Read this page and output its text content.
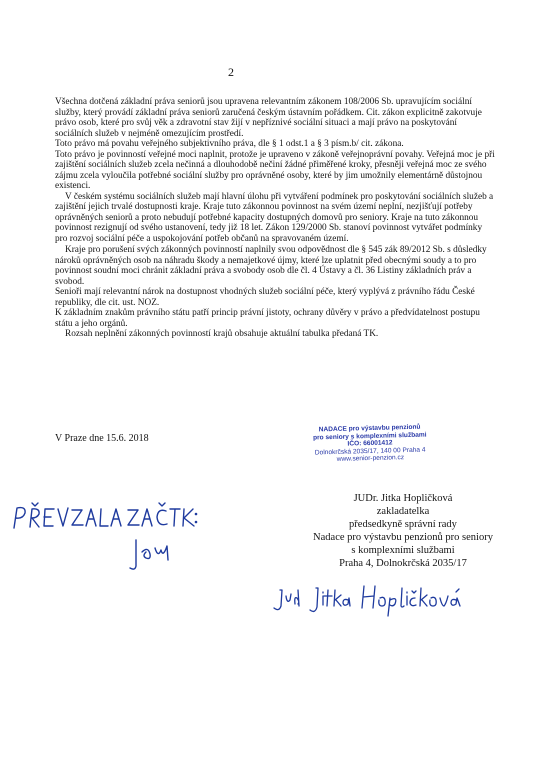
2

Všechna dotčená základní práva seniorů jsou upravena relevantním zákonem 108/2006 Sb. upravujícím sociální služby, který provádí základní práva seniorů zaručená českým ústavním pořádkem. Cit. zákon explicitně zakotvuje právo osob, které pro svůj věk a zdravotní stav žijí v nepříznivé sociální situaci a mají právo na poskytování sociálních služeb v nejméně omezujícím prostředí.

Toto právo má povahu veřejného subjektivního práva, dle § 1 odst.1 a § 3 písm.b/ cit. zákona.

Toto právo je povinností veřejné moci naplnit, protože je upraveno v zákoně veřejnoprávní povahy. Veřejná moc je při zajištění sociálních služeb zcela nečinná a dlouhodobě nečiní žádné přiměřené kroky, přesněji veřejná moc ze svého zájmu zcela vyloučila potřebné sociální služby pro oprávněné osoby, které by jim umožnily elementárně důstojnou existenci.

V českém systému sociálních služeb mají hlavní úlohu při vytváření podmínek pro poskytování sociálních služeb a zajištění jejich trvalé dostupnosti kraje. Kraje tuto zákonnou povinnost na svém území neplní, nezjišťují potřeby oprávněných seniorů a proto nebudují potřebné kapacity dostupných domovů pro seniory. Kraje na tuto zákonnou povinnost rezignují od svého ustanovení, tedy již 18 let. Zákon 129/2000 Sb. stanoví povinnost vytvářet podmínky pro rozvoj sociální péče a uspokojování potřeb občanů na spravovaném území.

Kraje pro porušení svých zákonných povinností naplnily svou odpovědnost dle § 545 zák 89/2012 Sb. s důsledky nároků oprávněných osob na náhradu škody a nemajetkové újmy, které lze uplatnit před obecnými soudy a to pro povinnost soudní moci chránit základní práva a svobody osob dle čl. 4 Ústavy a čl. 36 Listiny základních práv a svobod.

Senioři mají relevantní nárok na dostupnost vhodných služeb sociální péče, který vyplývá z právního řádu České republiky, dle cit. ust. NOZ.

K základním znakům právního státu patří princip právní jistoty, ochrany důvěry v právo a předvídatelnost postupu státu a jeho orgánů.

Rozsah neplnění zákonných povinností krajů obsahuje aktuální tabulka předaná TK.

V Praze dne 15.6. 2018
NADACE pro výstavbu penzionů
pro seniory s komplexními službami
IČO: 66001412
Dolnokrčská 2035/17, 140 00 Praha 4
www.senior-penzion.cz
JUDr. Jitka Hopličková
zakladatelka
předsedkyně správní rady
Nadace pro výstavbu penzionů pro seniory
s komplexními službami
Praha 4, Dolnokrčská 2035/17
